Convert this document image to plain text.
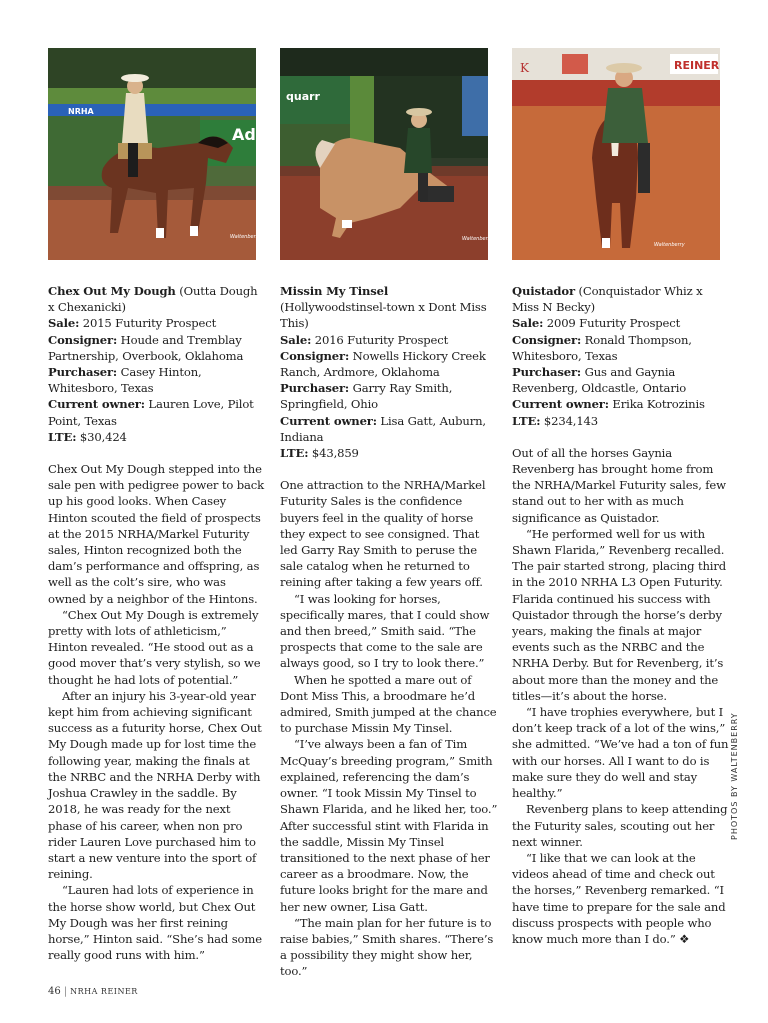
NRHA
Ade
Waltenberry
quarr
Waltenberry
K	REINER
Waltenberry

Chex Out My Dough (Outta Dough x Chexanicki)

Sale: 2015 Futurity Prospect

Consigner: Houde and Tremblay Partnership, Overbook, Oklahoma

Purchaser: Casey Hinton, Whitesboro, Texas

Current owner: Lauren Love, Pilot Point, Texas

LTE: $30,424

Chex Out My Dough stepped into the sale pen with pedigree power to back up his good looks. When Casey Hinton scouted the field of prospects at the 2015 NRHA/Markel Futurity sales, Hinton recognized both the dam’s performance and offspring, as well as the colt’s sire, who was owned by a neighbor of the Hintons.

“Chex Out My Dough is extremely pretty with lots of athleticism,” Hinton revealed. “He stood out as a good mover that’s very stylish, so we thought he had lots of potential.”

After an injury his 3-year-old year kept him from achieving significant success as a futurity horse, Chex Out My Dough made up for lost time the following year, making the finals at the NRBC and the NRHA Derby with Joshua Crawley in the saddle. By 2018, he was ready for the next phase of his career, when non pro rider Lauren Love purchased him to start a new venture into the sport of reining.

“Lauren had lots of experience in the horse show world, but Chex Out My Dough was her first reining horse,” Hinton said. “She’s had some really good runs with him.”

Missin My Tinsel (Hollywoodstinsel-town x Dont Miss This)

Sale: 2016 Futurity Prospect

Consigner: Nowells Hickory Creek Ranch, Ardmore, Oklahoma

Purchaser: Garry Ray Smith, Springfield, Ohio

Current owner: Lisa Gatt, Auburn, Indiana

LTE: $43,859

One attraction to the NRHA/Markel Futurity Sales is the confidence buyers feel in the quality of horse they expect to see consigned. That led Garry Ray Smith to peruse the sale catalog when he returned to reining after taking a few years off.

“I was looking for horses, specifically mares, that I could show and then breed,” Smith said. “The prospects that come to the sale are always good, so I try to look there.”

When he spotted a mare out of Dont Miss This, a broodmare he’d admired, Smith jumped at the chance to purchase Missin My Tinsel.

“I’ve always been a fan of Tim McQuay’s breeding program,” Smith explained, referencing the dam’s owner. “I took Missin My Tinsel to Shawn Flarida, and he liked her, too.” After successful stint with Flarida in the saddle, Missin My Tinsel transitioned to the next phase of her career as a broodmare. Now, the future looks bright for the mare and her new owner, Lisa Gatt.

“The main plan for her future is to raise babies,” Smith shares. “There’s a possibility they might show her, too.”

Quistador (Conquistador Whiz x Miss N Becky)

Sale: 2009 Futurity Prospect

Consigner: Ronald Thompson, Whitesboro, Texas

Purchaser: Gus and Gaynia Revenberg, Oldcastle, Ontario

Current owner: Erika Kotrozinis

LTE: $234,143

Out of all the horses Gaynia Revenberg has brought home from the NRHA/Markel Futurity sales, few stand out to her with as much significance as Quistador.

“He performed well for us with Shawn Flarida,” Revenberg recalled. The pair started strong, placing third in the 2010 NRHA L3 Open Futurity. Flarida continued his success with Quistador through the horse’s derby years, making the finals at major events such as the NRBC and the NRHA Derby. But for Revenberg, it’s about more than the money and the titles—it’s about the horse.

“I have trophies everywhere, but I don’t keep track of a lot of the wins,” she admitted. “We’ve had a ton of fun with our horses. All I want to do is make sure they do well and stay healthy.”

Revenberg plans to keep attending the Futurity sales, scouting out her next winner.

“I like that we can look at the videos ahead of time and check out the horses,” Revenberg remarked. “I have time to prepare for the sale and discuss prospects with people who know much more than I do.” ❖

PHOTOS BY WALTENBERRY
46 | NRHA REINER
